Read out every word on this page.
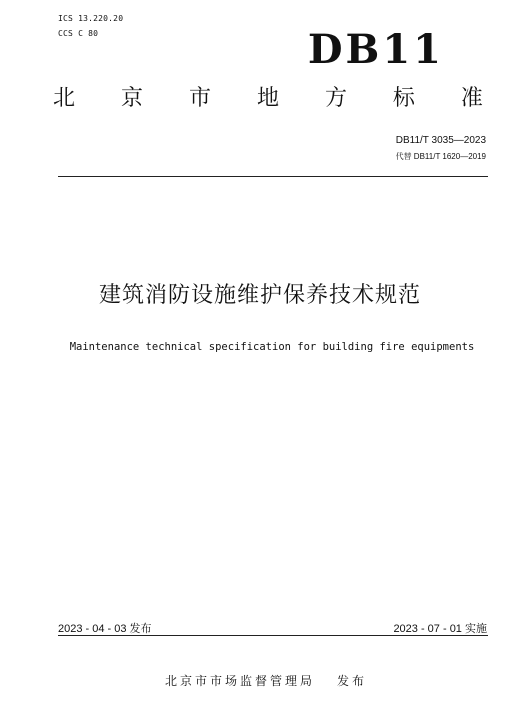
ICS 13.220.20
CCS C 80	DB11
北 京 市 地 方 标 准
DB11/T 3035—2023
代替 DB11/T 1620—2019
建筑消防设施维护保养技术规范
Maintenance technical specification for building fire equipments
2023 - 04 - 03 发布	2023 - 07 - 01 实施
北京市市场监督管理局 发布
